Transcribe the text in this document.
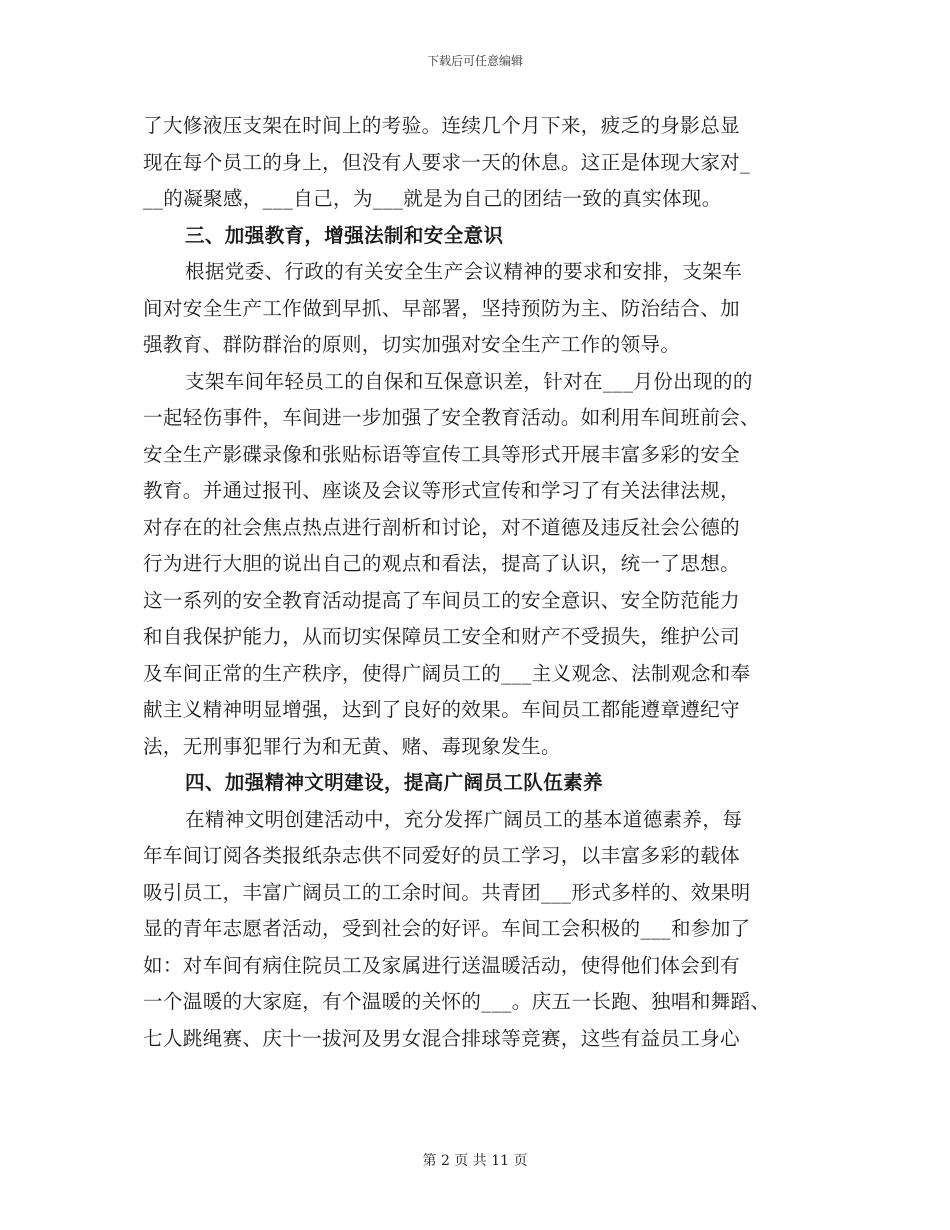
下载后可任意编辑
了大修液压支架在时间上的考验。连续几个月下来，疲乏的身影总显
现在每个员工的身上，但没有人要求一天的休息。这正是体现大家对_
__的凝聚感，___自己，为___就是为自己的团结一致的真实体现。
三、加强教育，增强法制和安全意识
根据党委、行政的有关安全生产会议精神的要求和安排，支架车
间对安全生产工作做到早抓、早部署，坚持预防为主、防治结合、加
强教育、群防群治的原则，切实加强对安全生产工作的领导。
支架车间年轻员工的自保和互保意识差，针对在___月份出现的的
一起轻伤事件，车间进一步加强了安全教育活动。如利用车间班前会、
安全生产影碟录像和张贴标语等宣传工具等形式开展丰富多彩的安全
教育。并通过报刊、座谈及会议等形式宣传和学习了有关法律法规，
对存在的社会焦点热点进行剖析和讨论，对不道德及违反社会公德的
行为进行大胆的说出自己的观点和看法，提高了认识，统一了思想。
这一系列的安全教育活动提高了车间员工的安全意识、安全防范能力
和自我保护能力，从而切实保障员工安全和财产不受损失，维护公司
及车间正常的生产秩序，使得广阔员工的___主义观念、法制观念和奉
献主义精神明显增强，达到了良好的效果。车间员工都能遵章遵纪守
法，无刑事犯罪行为和无黄、赌、毒现象发生。
四、加强精神文明建设，提高广阔员工队伍素养
在精神文明创建活动中，充分发挥广阔员工的基本道德素养，每
年车间订阅各类报纸杂志供不同爱好的员工学习，以丰富多彩的载体
吸引员工，丰富广阔员工的工余时间。共青团___形式多样的、效果明
显的青年志愿者活动，受到社会的好评。车间工会积极的___和参加了
如：对车间有病住院员工及家属进行送温暖活动，使得他们体会到有
一个温暖的大家庭，有个温暖的关怀的___。庆五一长跑、独唱和舞蹈、
七人跳绳赛、庆十一拔河及男女混合排球等竞赛，这些有益员工身心
第 2 页 共 11 页
